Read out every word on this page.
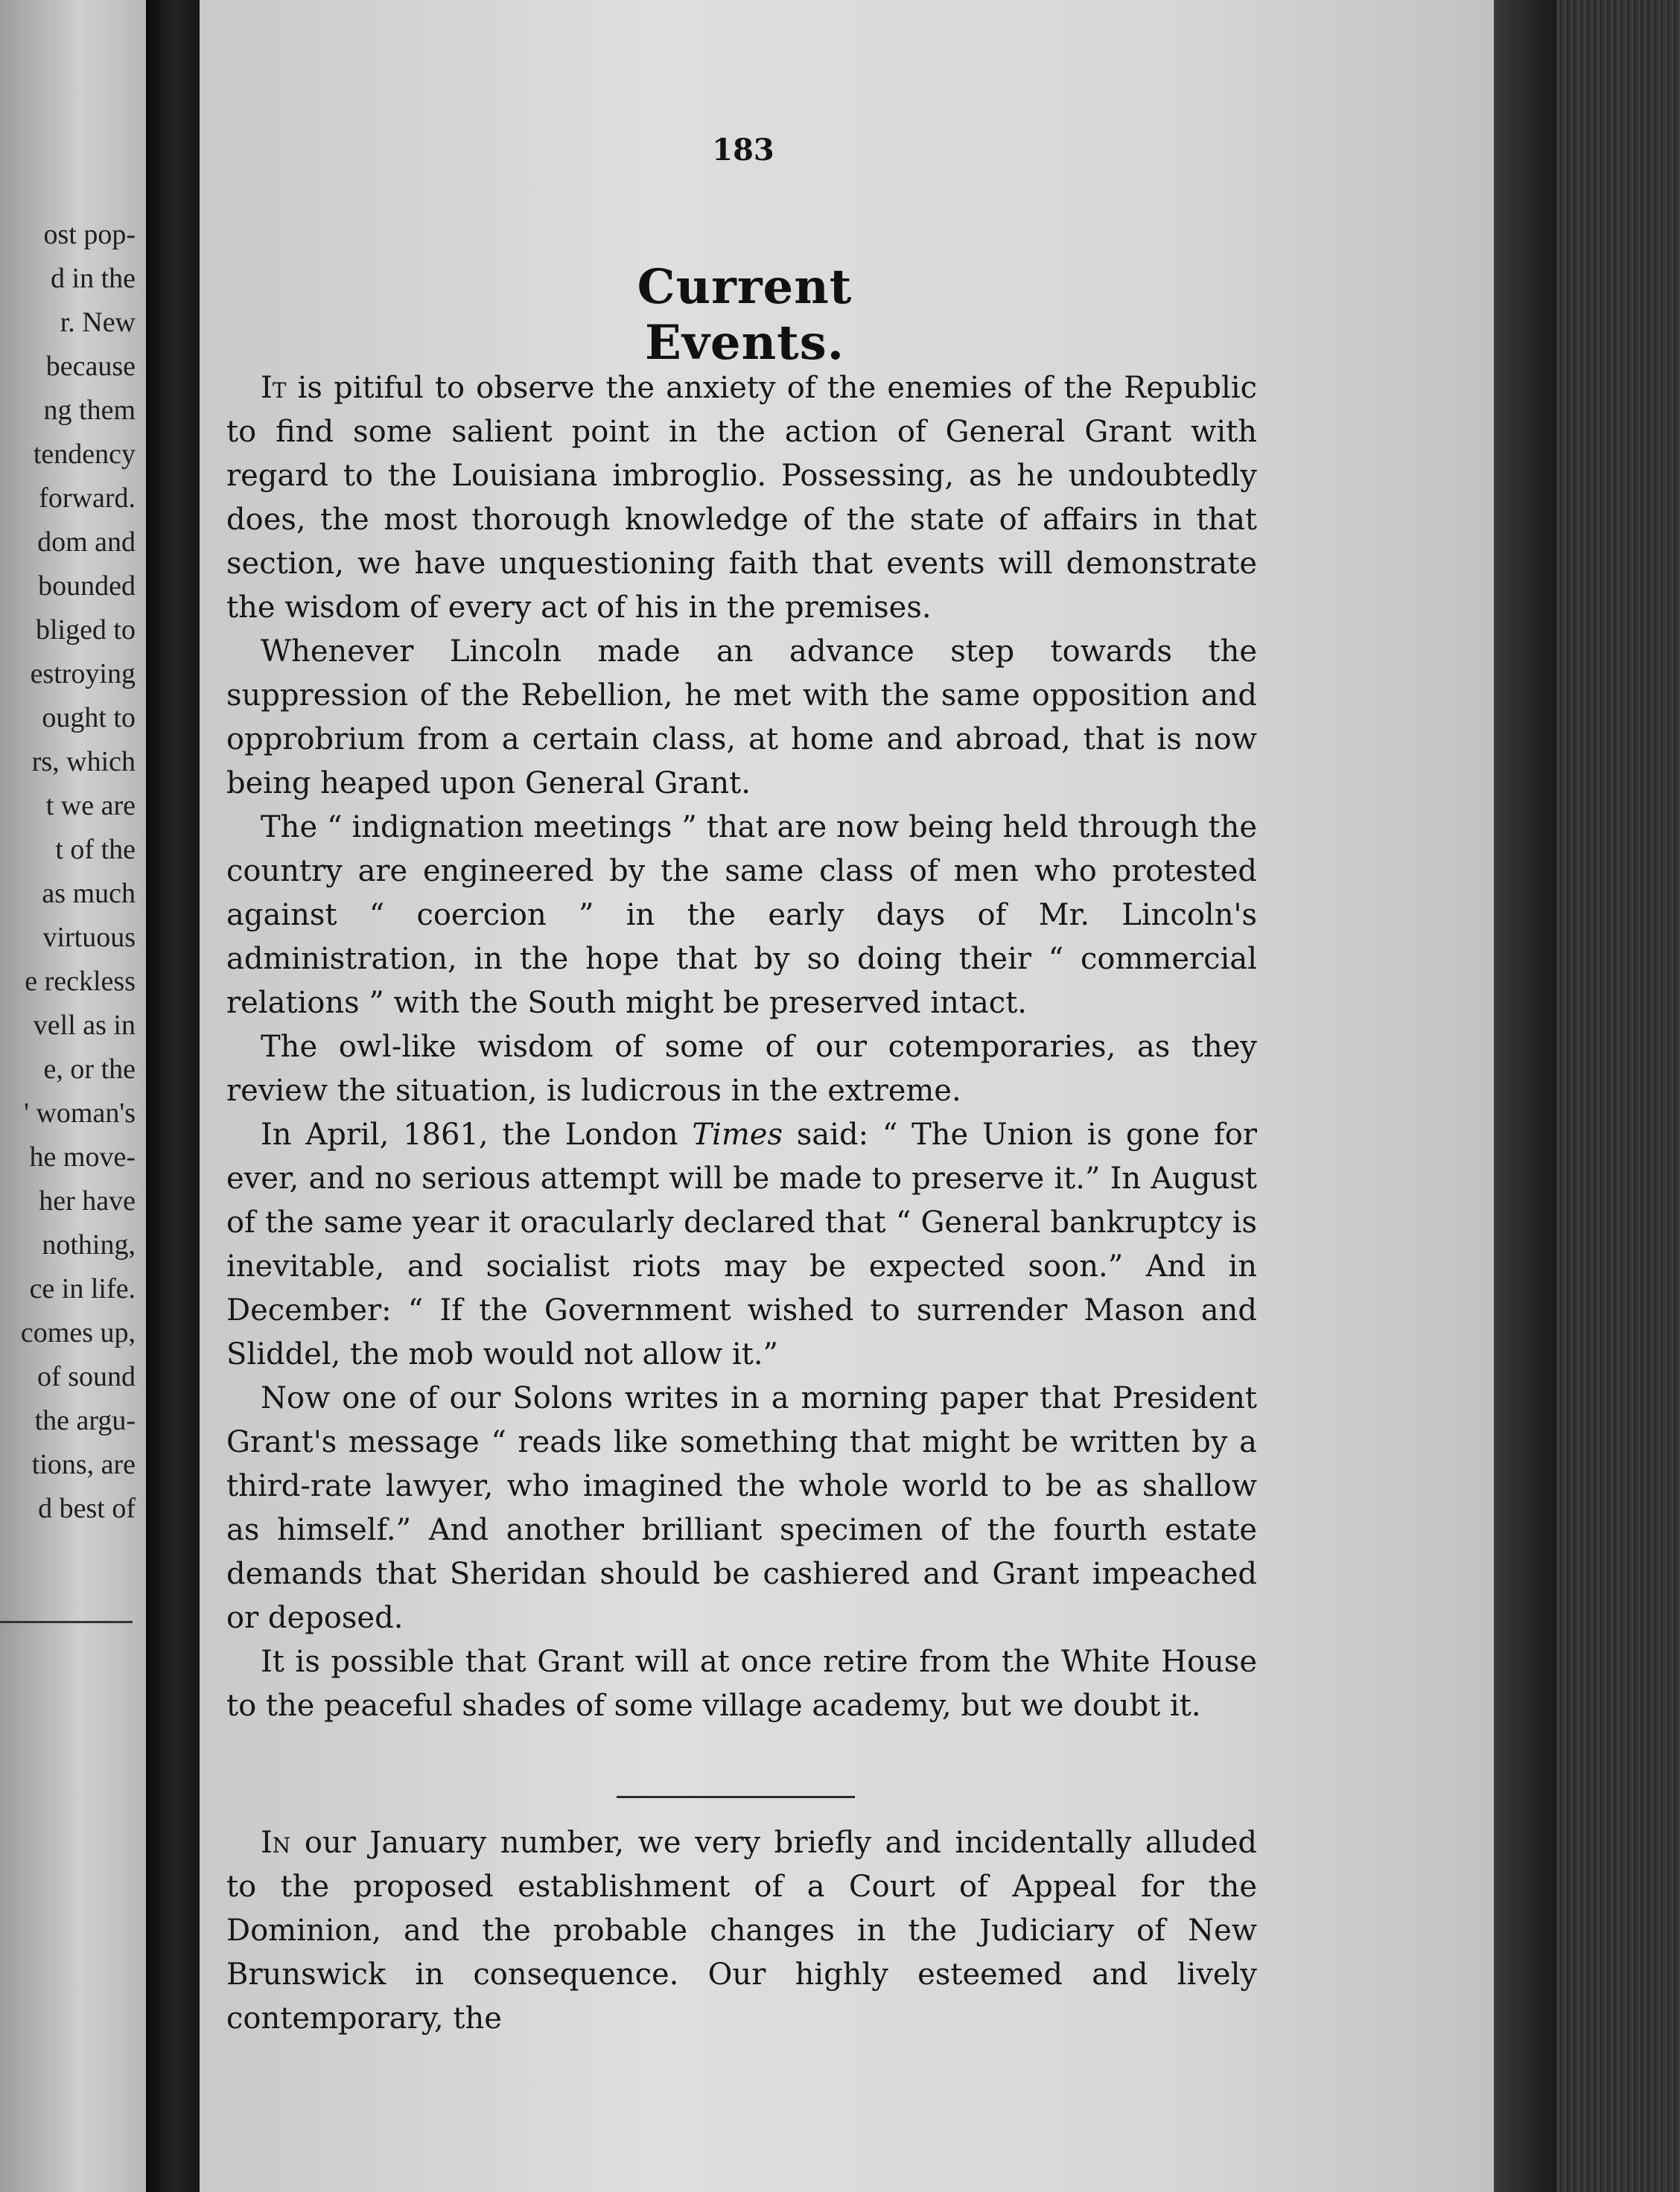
ost pop-
d in the
r. New
because
ng them
tendency
forward.
dom and
bounded
bliged to
estroying
ought to
rs, which
t we are
t of the
as much
virtuous
e reckless
vell as in
e, or the
' woman's
he move-
her have
nothing,
ce in life.
comes up,
of sound
the argu-
tions, are
d best of
183
Current Events.

It is pitiful to observe the anxiety of the enemies of the Republic to find some salient point in the action of General Grant with regard to the Louisiana imbroglio. Possessing, as he undoubtedly does, the most thorough knowledge of the state of affairs in that section, we have unquestioning faith that events will demonstrate the wisdom of every act of his in the premises.

Whenever Lincoln made an advance step towards the suppression of the Rebellion, he met with the same opposition and opprobrium from a certain class, at home and abroad, that is now being heaped upon General Grant.

The “ indignation meetings ” that are now being held through the country are engineered by the same class of men who protested against “ coercion ” in the early days of Mr. Lincoln's administration, in the hope that by so doing their “ commercial relations ” with the South might be preserved intact.

The owl-like wisdom of some of our cotemporaries, as they review the situation, is ludicrous in the extreme.

In April, 1861, the London Times said: “ The Union is gone for ever, and no serious attempt will be made to preserve it.” In August of the same year it oracularly declared that “ General bankruptcy is inevitable, and socialist riots may be expected soon.” And in December: “ If the Government wished to surrender Mason and Sliddel, the mob would not allow it.”

Now one of our Solons writes in a morning paper that President Grant's message “ reads like something that might be written by a third-rate lawyer, who imagined the whole world to be as shallow as himself.” And another brilliant specimen of the fourth estate demands that Sheridan should be cashiered and Grant impeached or deposed.

It is possible that Grant will at once retire from the White House to the peaceful shades of some village academy, but we doubt it.

In our January number, we very briefly and incidentally alluded to the proposed establishment of a Court of Appeal for the Dominion, and the probable changes in the Judiciary of New Brunswick in consequence. Our highly esteemed and lively contemporary, the
